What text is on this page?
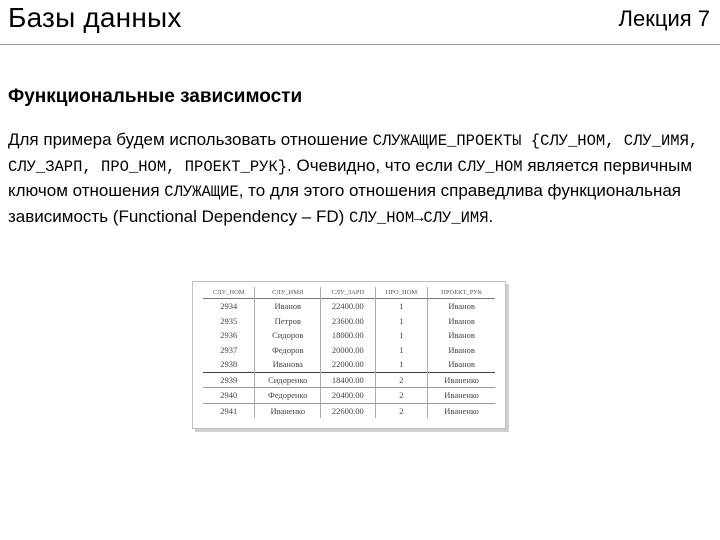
Базы данных	Лекция 7
Функциональные зависимости
Для примера будем использовать отношение СЛУЖАЩИЕ_ПРОЕКТЫ {СЛУ_НОМ, СЛУ_ИМЯ, СЛУ_ЗАРП, ПРО_НОМ, ПРОЕКТ_РУК}. Очевидно, что если СЛУ_НОМ является первичным ключом отношения СЛУЖАЩИЕ, то для этого отношения справедлива функциональная зависимость (Functional Dependency – FD) СЛУ_НОМ→СЛУ_ИМЯ.
СЛУ_НОМ	СЛУ_ИМЯ	СЛУ_ЗАРП	ПРО_НОМ	ПРОЕКТ_РУК
2934	Иванов	22400.00	1	Иванов
2935	Петров	23600.00	1	Иванов
2936	Сидоров	18000.00	1	Иванов
2937	Федоров	20000.00	1	Иванов
2938	Иванова	22000.00	1	Иванов
2939	Сидоренко	18400.00	2	Иваненко
2940	Федоренко	20400.00	2	Иваненко
2941	Иваненко	22600.00	2	Иваненко
